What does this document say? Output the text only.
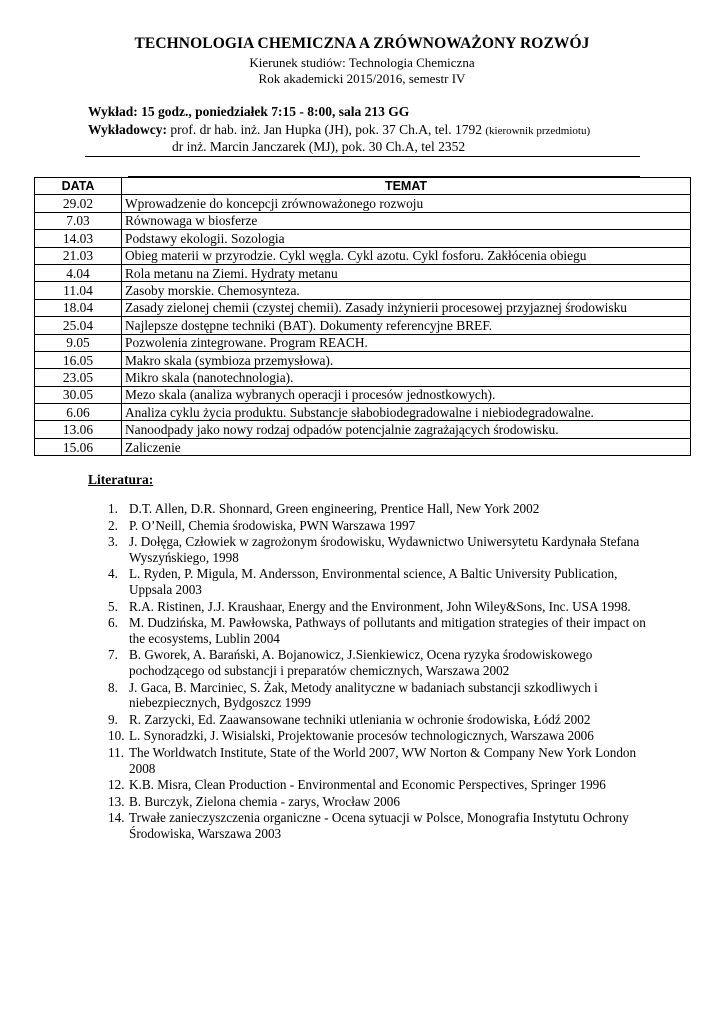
TECHNOLOGIA CHEMICZNA A ZRÓWNOWAŻONY ROZWÓJ
Kierunek studiów: Technologia Chemiczna
Rok akademicki 2015/2016, semestr IV
Wykład: 15 godz., poniedziałek 7:15 - 8:00, sala 213 GG
Wykładowcy: prof. dr hab. inż. Jan Hupka (JH), pok. 37 Ch.A, tel. 1792 (kierownik przedmiotu)
dr inż. Marcin Janczarek (MJ), pok. 30 Ch.A, tel 2352
DATA	TEMAT
29.02	Wprowadzenie do koncepcji zrównoważonego rozwoju
7.03	Równowaga w biosferze
14.03	Podstawy ekologii. Sozologia
21.03	Obieg materii w przyrodzie. Cykl węgla. Cykl azotu. Cykl fosforu. Zakłócenia obiegu
4.04	Rola metanu na Ziemi. Hydraty metanu
11.04	Zasoby morskie. Chemosynteza.
18.04	Zasady zielonej chemii (czystej chemii). Zasady inżynierii procesowej przyjaznej środowisku
25.04	Najlepsze dostępne techniki (BAT). Dokumenty referencyjne BREF.
9.05	Pozwolenia zintegrowane. Program REACH.
16.05	Makro skala (symbioza przemysłowa).
23.05	Mikro skala (nanotechnologia).
30.05	Mezo skala (analiza wybranych operacji i procesów jednostkowych).
6.06	Analiza cyklu życia produktu. Substancje słabobiodegradowalne i niebiodegradowalne.
13.06	Nanoodpady jako nowy rodzaj odpadów potencjalnie zagrażających środowisku.
15.06	Zaliczenie
Literatura:
1. D.T. Allen, D.R. Shonnard, Green engineering, Prentice Hall, New York 2002
2. P. O’Neill, Chemia środowiska, PWN Warszawa 1997
3. J. Dołęga, Człowiek w zagrożonym środowisku, Wydawnictwo Uniwersytetu Kardynała Stefana Wyszyńskiego, 1998
4. L. Ryden, P. Migula, M. Andersson, Environmental science, A Baltic University Publication, Uppsala 2003
5. R.A. Ristinen, J.J. Kraushaar, Energy and the Environment, John Wiley&Sons, Inc. USA 1998.
6. M. Dudzińska, M. Pawłowska, Pathways of pollutants and mitigation strategies of their impact on the ecosystems, Lublin 2004
7. B. Gworek, A. Barański, A. Bojanowicz, J.Sienkiewicz, Ocena ryzyka środowiskowego pochodzącego od substancji i preparatów chemicznych, Warszawa 2002
8. J. Gaca, B. Marciniec, S. Żak, Metody analityczne w badaniach substancji szkodliwych i niebezpiecznych, Bydgoszcz 1999
9. R. Zarzycki, Ed. Zaawansowane techniki utleniania w ochronie środowiska, Łódź 2002
10. L. Synoradzki, J. Wisialski, Projektowanie procesów technologicznych, Warszawa 2006
11. The Worldwatch Institute, State of the World 2007, WW Norton & Company New York London 2008
12. K.B. Misra, Clean Production - Environmental and Economic Perspectives, Springer 1996
13. B. Burczyk, Zielona chemia - zarys, Wrocław 2006
14. Trwałe zanieczyszczenia organiczne - Ocena sytuacji w Polsce, Monografia Instytutu Ochrony Środowiska, Warszawa 2003
